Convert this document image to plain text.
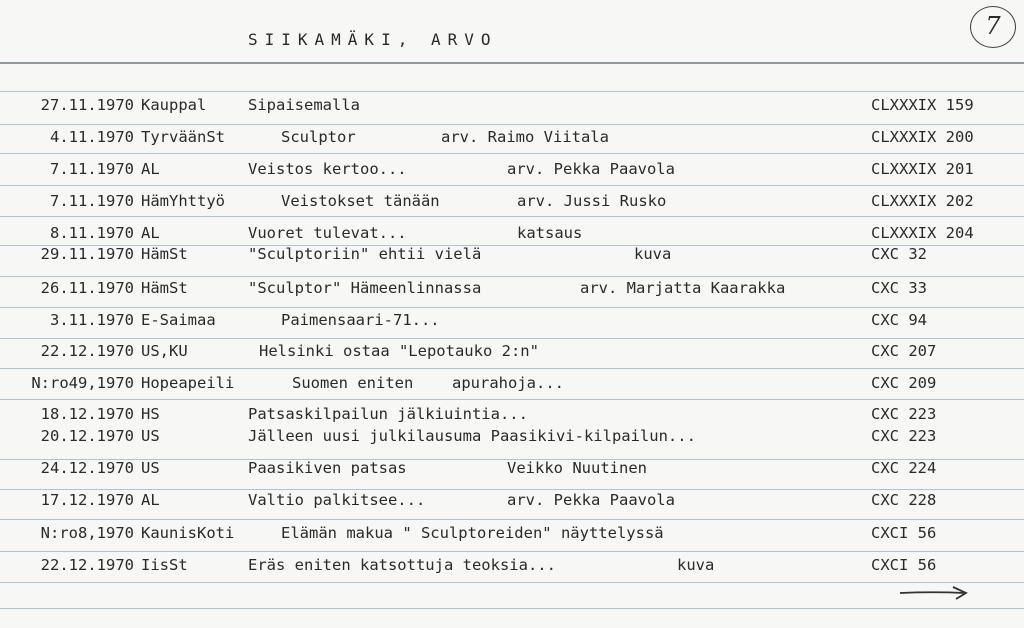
SIIKAMÄKI, ARVO	7
27.11.1970 Kauppal	Sipaisemalla	CLXXXIX 159
4.11.1970 TyrväänSt	Sculptor	arv. Raimo Viitala	CLXXXIX 200
7.11.1970 AL	Veistos kertoo...	arv. Pekka Paavola	CLXXXIX 201
7.11.1970 HämYhttyö	Veistokset tänään	arv. Jussi Rusko	CLXXXIX 202
8.11.1970 AL	Vuoret tulevat...	katsaus	CLXXXIX 204
29.11.1970 HämSt	"Sculptoriin" ehtii vielä	kuva	CXC 32
26.11.1970 HämSt	"Sculptor" Hämeenlinnassa	arv. Marjatta Kaarakka	CXC 33
3.11.1970 E-Saimaa	Paimensaari-71...	CXC 94
22.12.1970 US,KU	Helsinki ostaa "Lepotauko 2:n"	CXC 207
N:ro49,1970 Hopeapeili	Suomen eniten apurahoja...	CXC 209
18.12.1970 HS	Patsaskilpailun jälkiuintia...	CXC 223
20.12.1970 US	Jälleen uusi julkilausuma Paasikivi-kilpailun...	CXC 223
24.12.1970 US	Paasikiven patsas	Veikko Nuutinen	CXC 224
17.12.1970 AL	Valtio palkitsee...	arv. Pekka Paavola	CXC 228
N:ro8,1970 KaunisKoti	Elämän makua " Sculptoreiden" näyttelyssä	CXCI 56
22.12.1970 IisSt	Eräs eniten katsottuja teoksia...	kuva	CXCI 56
